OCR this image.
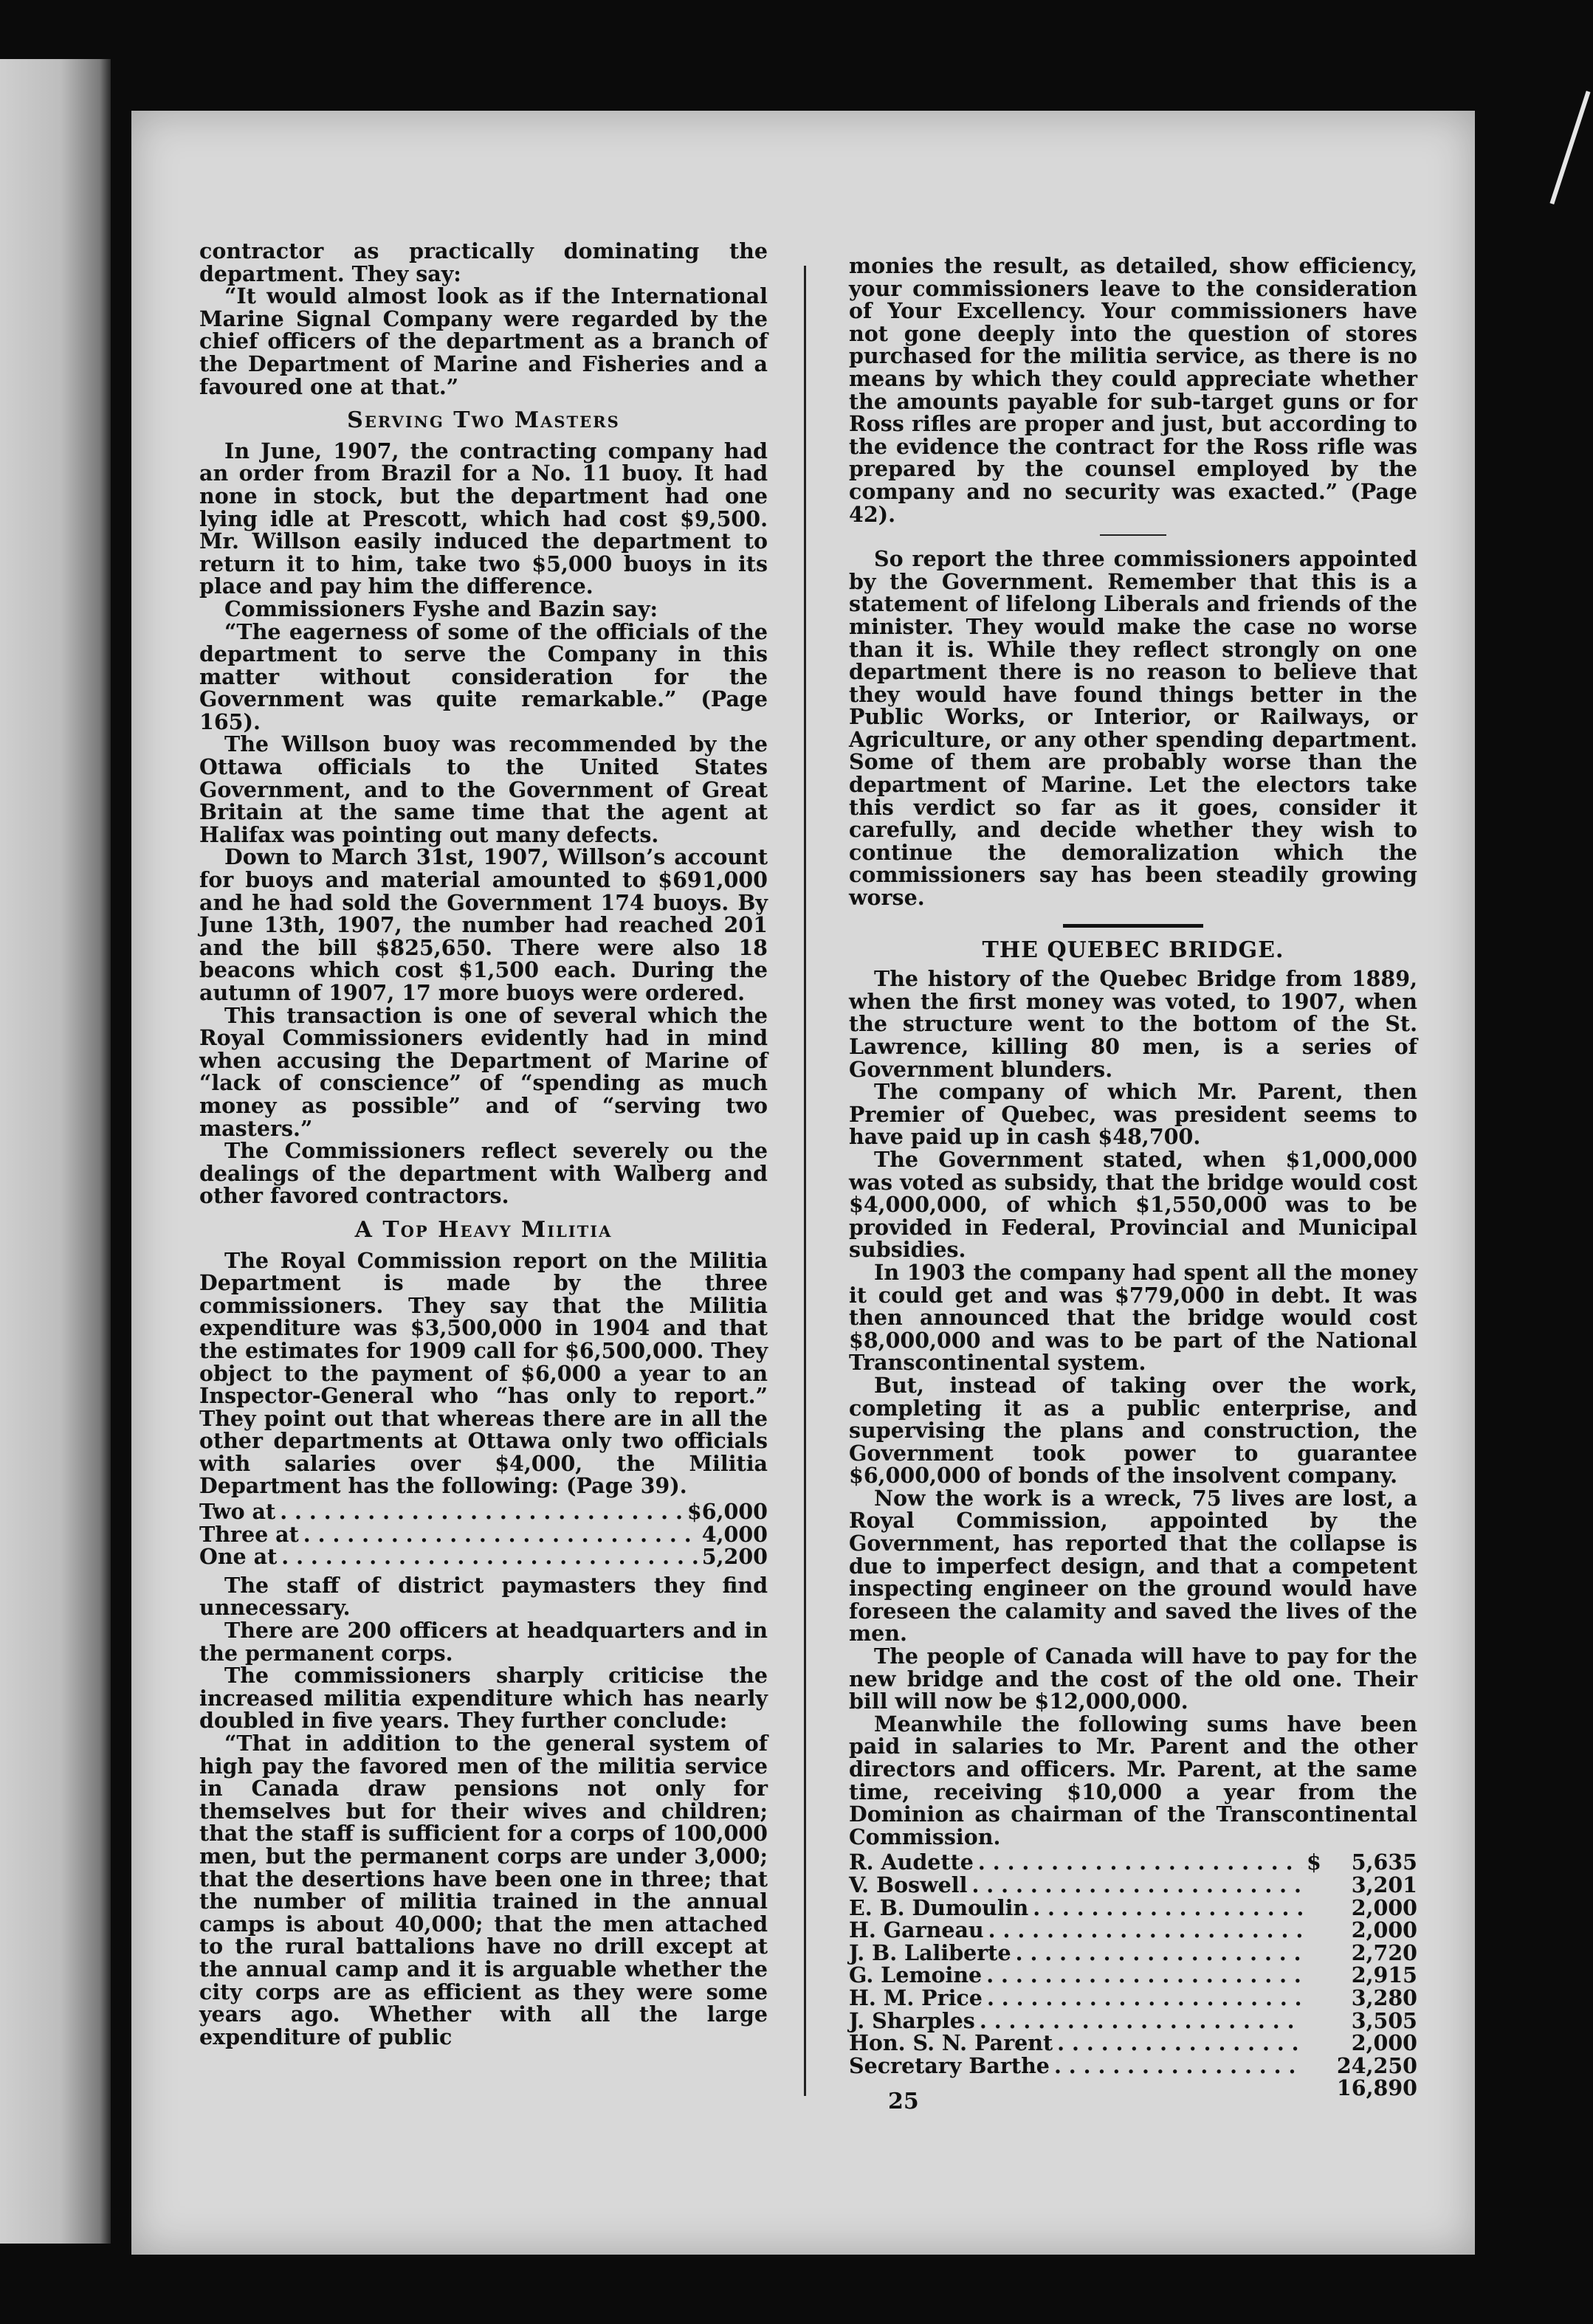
contractor as practically dominating the department. They say:

“It would almost look as if the International Marine Signal Company were regarded by the chief officers of the department as a branch of the Department of Marine and Fisheries and a favoured one at that.”

Serving Two Masters

In June, 1907, the contracting company had an order from Brazil for a No. 11 buoy. It had none in stock, but the department had one lying idle at Prescott, which had cost $9,500. Mr. Willson easily induced the department to return it to him, take two $5,000 buoys in its place and pay him the difference.

Commissioners Fyshe and Bazin say:

“The eagerness of some of the officials of the department to serve the Company in this matter without consideration for the Government was quite remarkable.” (Page 165).

The Willson buoy was recommended by the Ottawa officials to the United States Government, and to the Government of Great Britain at the same time that the agent at Halifax was pointing out many defects.

Down to March 31st, 1907, Willson’s account for buoys and material amounted to $691,000 and he had sold the Government 174 buoys. By June 13th, 1907, the number had reached 201 and the bill $825,650. There were also 18 beacons which cost $1,500 each. During the autumn of 1907, 17 more buoys were ordered.

This transaction is one of several which the Royal Commissioners evidently had in mind when accusing the Department of Marine of “lack of conscience” of “spending as much money as possible” and of “serving two masters.”

The Commissioners reflect severely ou the dealings of the department with Walberg and other favored contractors.

A Top Heavy Militia

The Royal Commission report on the Militia Department is made by the three commissioners. They say that the Militia expenditure was $3,500,000 in 1904 and that the estimates for 1909 call for $6,500,000. They object to the payment of $6,000 a year to an Inspector-General who “has only to report.” They point out that whereas there are in all the other departments at Ottawa only two officials with salaries over $4,000, the Militia Department has the following: (Page 39).

Two at . . .	$6,000
Three at . . .	4,000
One at . . .	5,200

The staff of district paymasters they find unnecessary.

There are 200 officers at headquarters and in the permanent corps.

The commissioners sharply criticise the increased militia expenditure which has nearly doubled in five years. They further conclude:

“That in addition to the general system of high pay the favored men of the militia service in Canada draw pensions not only for themselves but for their wives and children; that the staff is sufficient for a corps of 100,000 men, but the permanent corps are under 3,000; that the desertions have been one in three; that the number of militia trained in the annual camps is about 40,000; that the men attached to the rural battalions have no drill except at the annual camp and it is arguable whether the city corps are as efficient as they were some years ago. Whether with all the large expenditure of public

monies the result, as detailed, show efficiency, your commissioners leave to the consideration of Your Excellency. Your commissioners have not gone deeply into the question of stores purchased for the militia service, as there is no means by which they could appreciate whether the amounts payable for sub-target guns or for Ross rifles are proper and just, but according to the evidence the contract for the Ross rifle was prepared by the counsel employed by the company and no security was exacted.” (Page 42).

So report the three commissioners appointed by the Government. Remember that this is a statement of lifelong Liberals and friends of the minister. They would make the case no worse than it is. While they reflect strongly on one department there is no reason to believe that they would have found things better in the Public Works, or Interior, or Railways, or Agriculture, or any other spending department. Some of them are probably worse than the department of Marine. Let the electors take this verdict so far as it goes, consider it carefully, and decide whether they wish to continue the demoralization which the commissioners say has been steadily growing worse.

THE QUEBEC BRIDGE.

The history of the Quebec Bridge from 1889, when the first money was voted, to 1907, when the structure went to the bottom of the St. Lawrence, killing 80 men, is a series of Government blunders.

The company of which Mr. Parent, then Premier of Quebec, was president seems to have paid up in cash $48,700.

The Government stated, when $1,000,000 was voted as subsidy, that the bridge would cost $4,000,000, of which $1,550,000 was to be provided in Federal, Provincial and Municipal subsidies.

In 1903 the company had spent all the money it could get and was $779,000 in debt. It was then announced that the bridge would cost $8,000,000 and was to be part of the National Transcontinental system.

But, instead of taking over the work, completing it as a public enterprise, and supervising the plans and construction, the Government took power to guarantee $6,000,000 of bonds of the insolvent company.

Now the work is a wreck, 75 lives are lost, a Royal Commission, appointed by the Government, has reported that the collapse is due to imperfect design, and that a competent inspecting engineer on the ground would have foreseen the calamity and saved the lives of the men.

The people of Canada will have to pay for the new bridge and the cost of the old one. Their bill will now be $12,000,000.

Meanwhile the following sums have been paid in salaries to Mr. Parent and the other directors and officers. Mr. Parent, at the same time, receiving $10,000 a year from the Dominion as chairman of the Transcontinental Commission.

R. Audette . . .	$	5,635
V. Boswell . . .	3,201
E. B. Dumoulin . . .	2,000
H. Garneau . . .	2,000
J. B. Laliberte . . .	2,720
G. Lemoine . . .	2,915
H. M. Price . . .	3,280
J. Sharples . . .	3,505
Hon. S. N. Parent . . .	2,000
Secretary Barthe . . .	24,250
16,890
25
